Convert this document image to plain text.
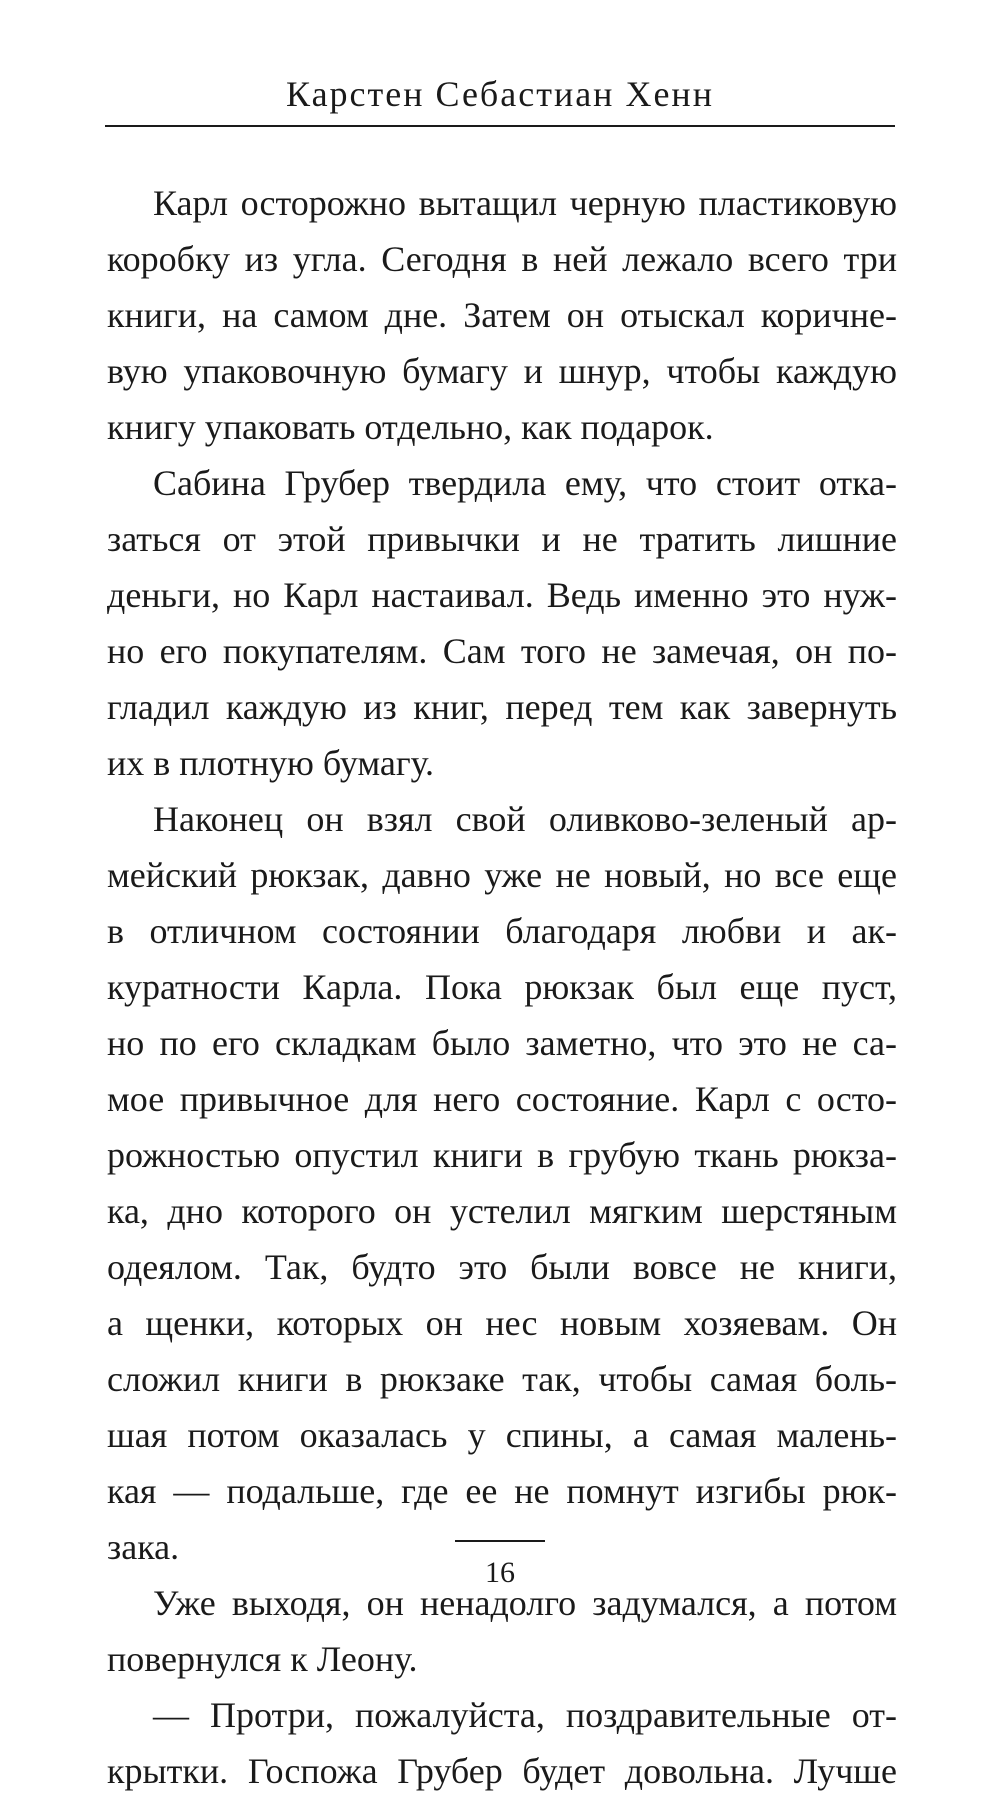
Карстен Себастиан Хенн
Карл осторожно вытащил черную пластиковую
коробку из угла. Сегодня в ней лежало всего три
книги, на самом дне. Затем он отыскал коричне-
вую упаковочную бумагу и шнур, чтобы каждую
книгу упаковать отдельно, как подарок.
Сабина Грубер твердила ему, что стоит отка-
заться от этой привычки и не тратить лишние
деньги, но Карл настаивал. Ведь именно это нуж-
но его покупателям. Сам того не замечая, он по-
гладил каждую из книг, перед тем как завернуть
их в плотную бумагу.
Наконец он взял свой оливково-зеленый ар-
мейский рюкзак, давно уже не новый, но все еще
в отличном состоянии благодаря любви и ак-
куратности Карла. Пока рюкзак был еще пуст,
но по его складкам было заметно, что это не са-
мое привычное для него состояние. Карл с осто-
рожностью опустил книги в грубую ткань рюкза-
ка, дно которого он устелил мягким шерстяным
одеялом. Так, будто это были вовсе не книги,
а щенки, которых он нес новым хозяевам. Он
сложил книги в рюкзаке так, чтобы самая боль-
шая потом оказалась у спины, а самая малень-
кая — подальше, где ее не помнут изгибы рюк-
зака.
Уже выходя, он ненадолго задумался, а потом
повернулся к Леону.
— Протри, пожалуйста, поздравительные от-
крытки. Госпожа Грубер будет довольна. Лучше
16
